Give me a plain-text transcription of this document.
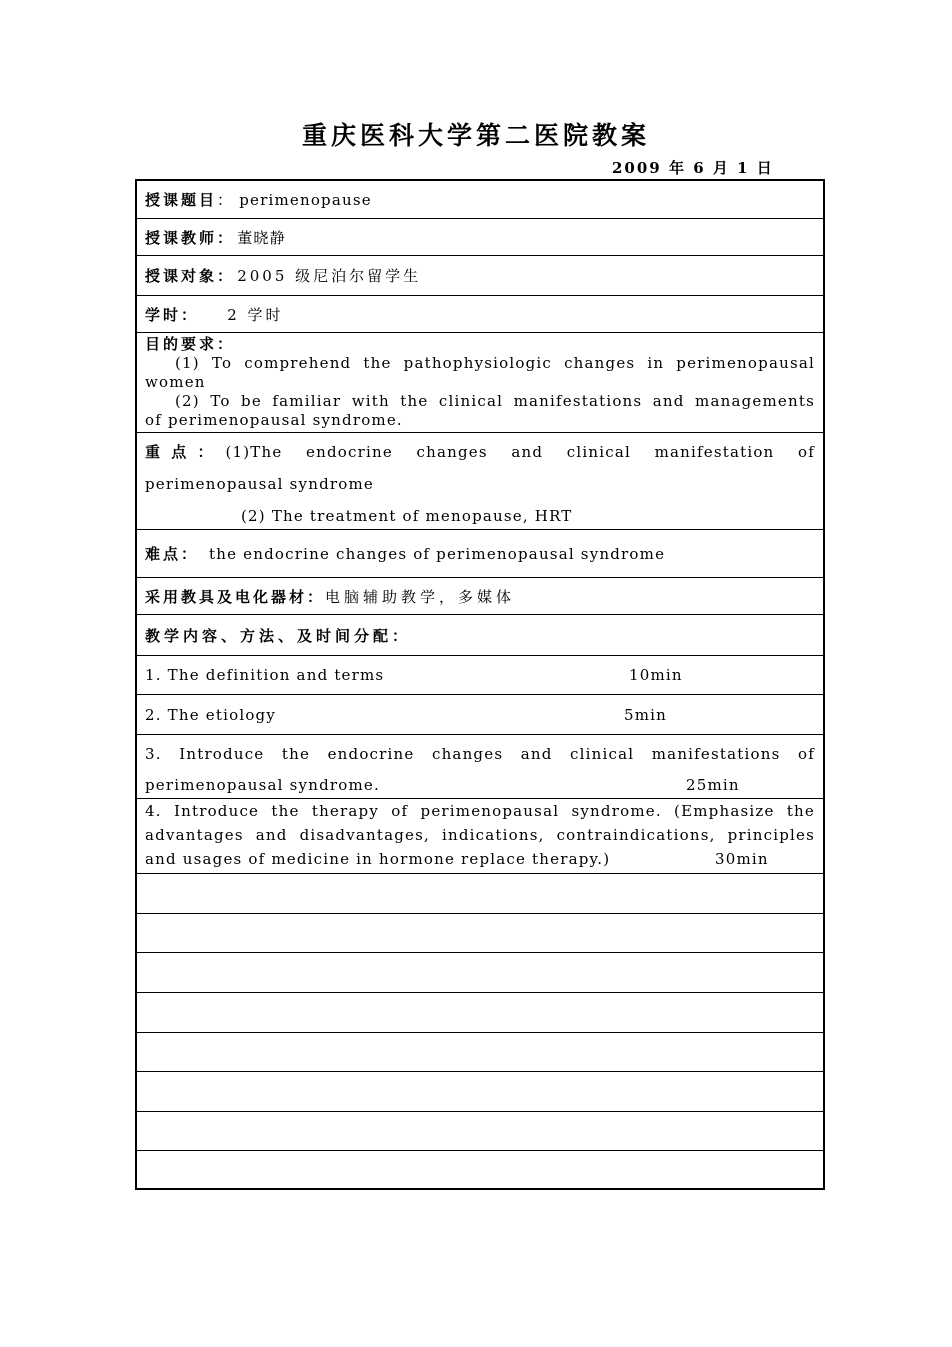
重庆医科大学第二医院教案
2009 年 6 月 1 日
授课题目 ： perimenopause
授课教师 ： 董晓静
授课对象 ： 2005 级尼泊尔留学生
学时 ： 2 学时
目的要求：
(1) To comprehend the pathophysiologic changes in perimenopausal
women
(2) To be familiar with the clinical manifestations and managements
of perimenopausal syndrome.
重 点 ： (1)The endocrine changes and clinical manifestation of
perimenopausal syndrome
(2) The treatment of menopause, HRT
难点： the endocrine changes of perimenopausal syndrome
采用教具及电化器材： 电脑辅助教学，多媒体
教学内容、方法、及时间分配：
1. The definition and terms	10min
2. The etiology	5min
3. Introduce the endocrine changes and clinical manifestations of
perimenopausal syndrome.	25min
4. Introduce the therapy of perimenopausal syndrome. (Emphasize the
advantages and disadvantages, indications, contraindications, principles
and usages of medicine in hormone replace therapy.)	30min
